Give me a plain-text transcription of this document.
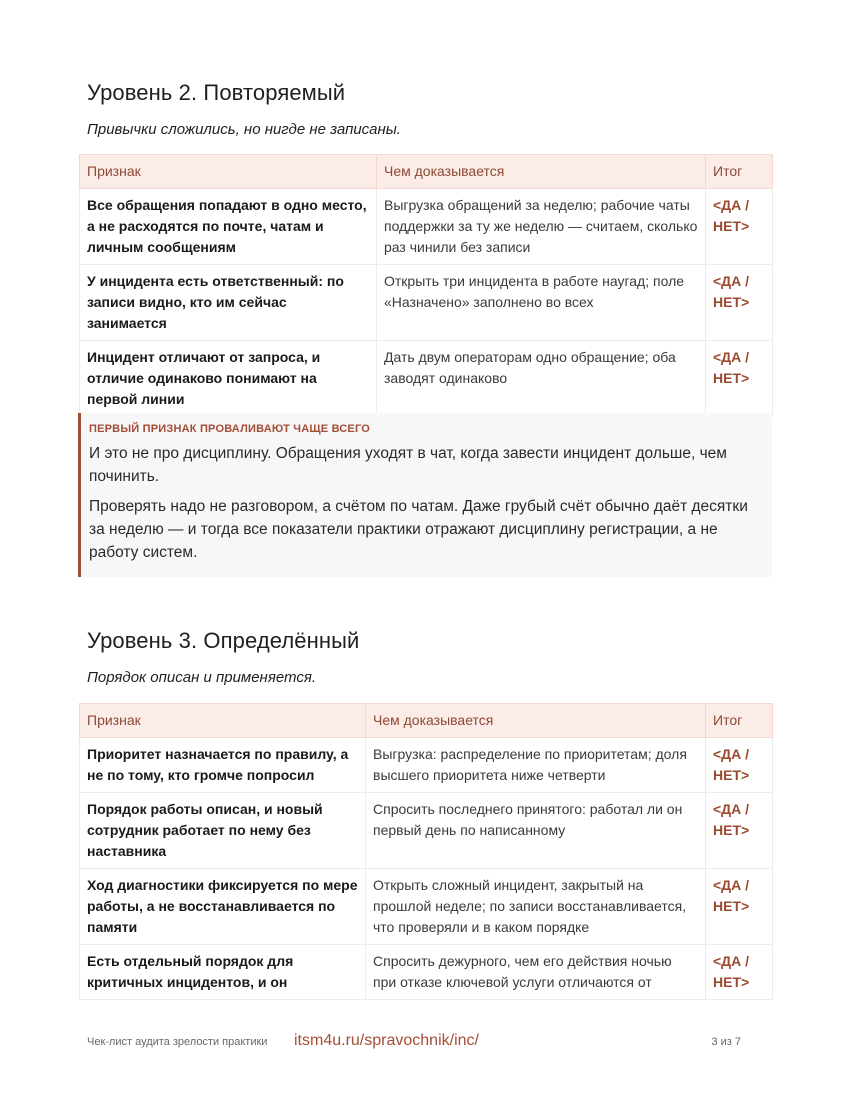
Уровень 2. Повторяемый

Привычки сложились, но нигде не записаны.

Признак	Чем доказывается	Итог
Все обращения попадают в одно место, а не расходятся по почте, чатам и личным сообщениям	Выгрузка обращений за неделю; рабочие чаты поддержки за ту же неделю — считаем, сколько раз чинили без записи	<ДА / НЕТ>
У инцидента есть ответственный: по записи видно, кто им сейчас занимается	Открыть три инцидента в работе наугад; поле «Назначено» заполнено во всех	<ДА / НЕТ>
Инцидент отличают от запроса, и отличие одинаково понимают на первой линии	Дать двум операторам одно обращение; оба заводят одинаково	<ДА / НЕТ>
ПЕРВЫЙ ПРИЗНАК ПРОВАЛИВАЮТ ЧАЩЕ ВСЕГО

И это не про дисциплину. Обращения уходят в чат, когда завести инцидент дольше, чем починить.

Проверять надо не разговором, а счётом по чатам. Даже грубый счёт обычно даёт десятки за неделю — и тогда все показатели практики отражают дисциплину регистрации, а не работу систем.

Уровень 3. Определённый

Порядок описан и применяется.

Признак	Чем доказывается	Итог
Приоритет назначается по правилу, а не по тому, кто громче попросил	Выгрузка: распределение по приоритетам; доля высшего приоритета ниже четверти	<ДА / НЕТ>
Порядок работы описан, и новый сотрудник работает по нему без наставника	Спросить последнего принятого: работал ли он первый день по написанному	<ДА / НЕТ>
Ход диагностики фиксируется по мере работы, а не восстанавливается по памяти	Открыть сложный инцидент, закрытый на прошлой неделе; по записи восстанавливается, что проверяли и в каком порядке	<ДА / НЕТ>
Есть отдельный порядок для критичных инцидентов, и он	Спросить дежурного, чем его действия ночью при отказе ключевой услуги отличаются от	<ДА / НЕТ>
Чек-лист аудита зрелости практики itsm4u.ru/spravochnik/inc/	3 из 7
